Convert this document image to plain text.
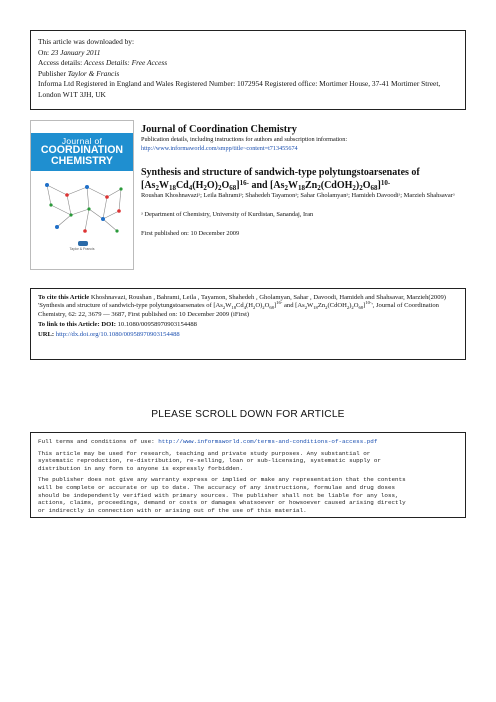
This article was downloaded by:
On: 23 January 2011
Access details: Access Details: Free Access
Publisher Taylor & Francis
Informa Ltd Registered in England and Wales Registered Number: 1072954 Registered office: Mortimer House, 37-41 Mortimer Street, London W1T 3JH, UK
Journal of
COORDINATION
CHEMISTRY
Taylor & Francis
Journal of Coordination Chemistry
Publication details, including instructions for authors and subscription information:
http://www.informaworld.com/smpp/title~content=t713455674
Synthesis and structure of sandwich-type polytungstoarsenates of
$[As_2W_{18}Cd_4(H_2O)_2O_{68}]^{16-}$ and $[As_2W_{18}Zn_2(CdOH_2)_2O_{68}]^{10-}$
Roushan Khoshnavaziᵃ; Leila Bahramiᵃ; Shahedeh Tayamonᵃ; Sahar Gholamyanᵃ; Hamideh Davoodiᵃ; Marzieh Shahsavarᵃ
ᵃ Department of Chemistry, University of Kurdistan, Sanandaj, Iran
First published on: 10 December 2009
To cite this Article Khoshnavazi, Roushan , Bahrami, Leila , Tayamon, Shahedeh , Gholamyan, Sahar , Davoodi, Hamideh and Shahsavar, Marzieh(2009) 'Synthesis and structure of sandwich-type polytungstoarsenates of $[As_2W_{18}Cd_4(H_2O)_2O_{68}]^{16-}$ and $[As_2W_{18}Zn_2(CdOH_2)_2O_{68}]^{10-}'$, Journal of Coordination Chemistry, 62: 22, 3679 — 3687, First published on: 10 December 2009 (iFirst)
To link to this Article: DOI: 10.1080/00958970903154488
URL: http://dx.doi.org/10.1080/00958970903154488
PLEASE SCROLL DOWN FOR ARTICLE

Full terms and conditions of use: http://www.informaworld.com/terms-and-conditions-of-access.pdf

This article may be used for research, teaching and private study purposes. Any substantial or
systematic reproduction, re-distribution, re-selling, loan or sub-licensing, systematic supply or
distribution in any form to anyone is expressly forbidden.

The publisher does not give any warranty express or implied or make any representation that the contents
will be complete or accurate or up to date. The accuracy of any instructions, formulae and drug doses
should be independently verified with primary sources. The publisher shall not be liable for any loss,
actions, claims, proceedings, demand or costs or damages whatsoever or howsoever caused arising directly
or indirectly in connection with or arising out of the use of this material.
